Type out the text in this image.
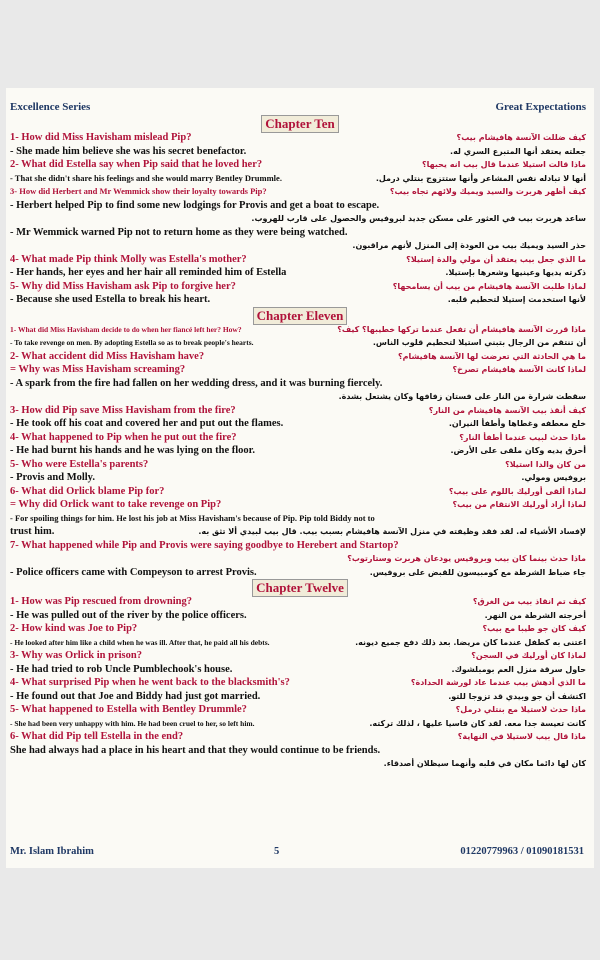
Excellence Series	Great Expectations
Chapter Ten
1- How did Miss Havisham mislead Pip?	كيف ضللت الآنسة هافيشام بيب؟
- She made him believe she was his secret benefactor.	جعلته يعتقد أنها المتبرع السري له.
2- What did Estella say when Pip said that he loved her?	ماذا قالت استيلا عندما قال بيب انه يحبها؟
- That she didn't share his feelings and she would marry Bentley Drummle.	أنها لا تبادله نفس المشاعر وأنها ستتزوج بنتلي درمل.
3- How did Herbert and Mr Wemmick show their loyalty towards Pip?	كيف أظهر هربرت والسيد ويميك ولائهم تجاه بيب؟
- Herbert helped Pip to find some new lodgings for Provis and get a boat to escape.
ساعد هربرت بيب في العثور على مسكن جديد لبروفيس والحصول على قارب للهروب.
- Mr Wemmick warned Pip not to return home as they were being watched.
حذر السيد ويميك بيب من العودة إلى المنزل لأنهم مراقبون.
4- What made Pip think Molly was Estella's mother?	ما الذي جعل بيب يعتقد أن مولي والدة إستيلا؟
- Her hands, her eyes and her hair all reminded him of Estella	ذكرته يديها وعينيها وشعرها بإستيلا.
5- Why did Miss Havisham ask Pip to forgive her?	لماذا طلبت الآنسة هافيشام من بيب أن يسامحها؟
- Because she used Estella to break his heart.	لأنها استخدمت إستيلا لتحطيم قلبه.
Chapter Eleven
1- What did Miss Havisham decide to do when her fiancé left her? How?	ماذا قررت الآنسة هافيشام أن تفعل عندما تركها خطيبها؟ كيف؟
- To take revenge on men. By adopting Estella so as to break people's hearts.	أن تنتقم من الرجال بتبني استيلا لتحطيم قلوب الناس.
2- What accident did Miss Havisham have?	ما هي الحادثة التي تعرضت لها الآنسة هافيشام؟
= Why was Miss Havisham screaming?	لماذا كانت الآنسة هافيشام تصرخ؟
- A spark from the fire had fallen on her wedding dress, and it was burning fiercely.
سقطت شرارة من النار على فستان زفافها وكان يشتعل بشدة.
3- How did Pip save Miss Havisham from the fire?	كيف أنقذ بيب الآنسة هافيشام من النار؟
- He took off his coat and covered her and put out the flames.	خلع معطفه وغطاها وأطفأ النيران.
4- What happened to Pip when he put out the fire?	ماذا حدث لبيب عندما أطفأ النار؟
- He had burnt his hands and he was lying on the floor.	أحرق يديه وكان ملقى على الأرض.
5- Who were Estella's parents?	من كان والدا استيلا؟
- Provis and Molly.	بروفيس ومولي.
6- What did Orlick blame Pip for?	لماذا ألقى أورليك باللوم على بيب؟
= Why did Orlick want to take revenge on Pip?	لماذا أراد أورليك الانتقام من بيب؟
- For spoiling things for him. He lost his job at Miss Havisham's because of Pip. Pip told Biddy not to
trust him.	لإفساد الأشياء له. لقد فقد وظيفته في منزل الآنسة هافيشام بسبب بيب. قال بيب لبيدي ألا تثق به.
7- What happened while Pip and Provis were saying goodbye to Herebert and Startop?
ماذا حدث بينما كان بيب وبروفيس يودعان هربرت وستارتوب؟
- Police officers came with Compeyson to arrest Provis.	جاء ضباط الشرطة مع كومبيسون للقبض على بروفيس.
Chapter Twelve
1- How was Pip rescued from drowning?	كيف تم انقاذ بيب من الغرق؟
- He was pulled out of the river by the police officers.	أخرجته الشرطة من النهر.
2- How kind was Joe to Pip?	كيف كان جو طيبا مع بيب؟
- He looked after him like a child when he was ill. After that, he paid all his debts.	اعتنى به كطفل عندما كان مريضا. بعد ذلك دفع جميع ديونه.
3- Why was Orlick in prison?	لماذا كان أورليك في السجن؟
- He had tried to rob Uncle Pumblechook's house.	حاول سرقة منزل العم بومبلشوك.
4- What surprised Pip when he went back to the blacksmith's?	ما الذي أدهش بيب عندما عاد لورشة الحدادة؟
- He found out that Joe and Biddy had just got married.	اكتشف أن جو وبيدي قد تزوجا للتو.
5- What happened to Estella with Bentley Drummle?	ماذا حدث لاستيلا مع بنتلي درمل؟
- She had been very unhappy with him. He had been cruel to her, so left him.	كانت تعيسة جدا معه. لقد كان قاسيا عليها ، لذلك تركته.
6- What did Pip tell Estella in the end?	ماذا قال بيب لاستيلا في النهاية؟
She had always had a place in his heart and that they would continue to be friends.
كان لها دائما مكان في قلبه وأنهما سيظلان أصدقاء.
Mr. Islam Ibrahim	5	01220779963 / 01090181531
